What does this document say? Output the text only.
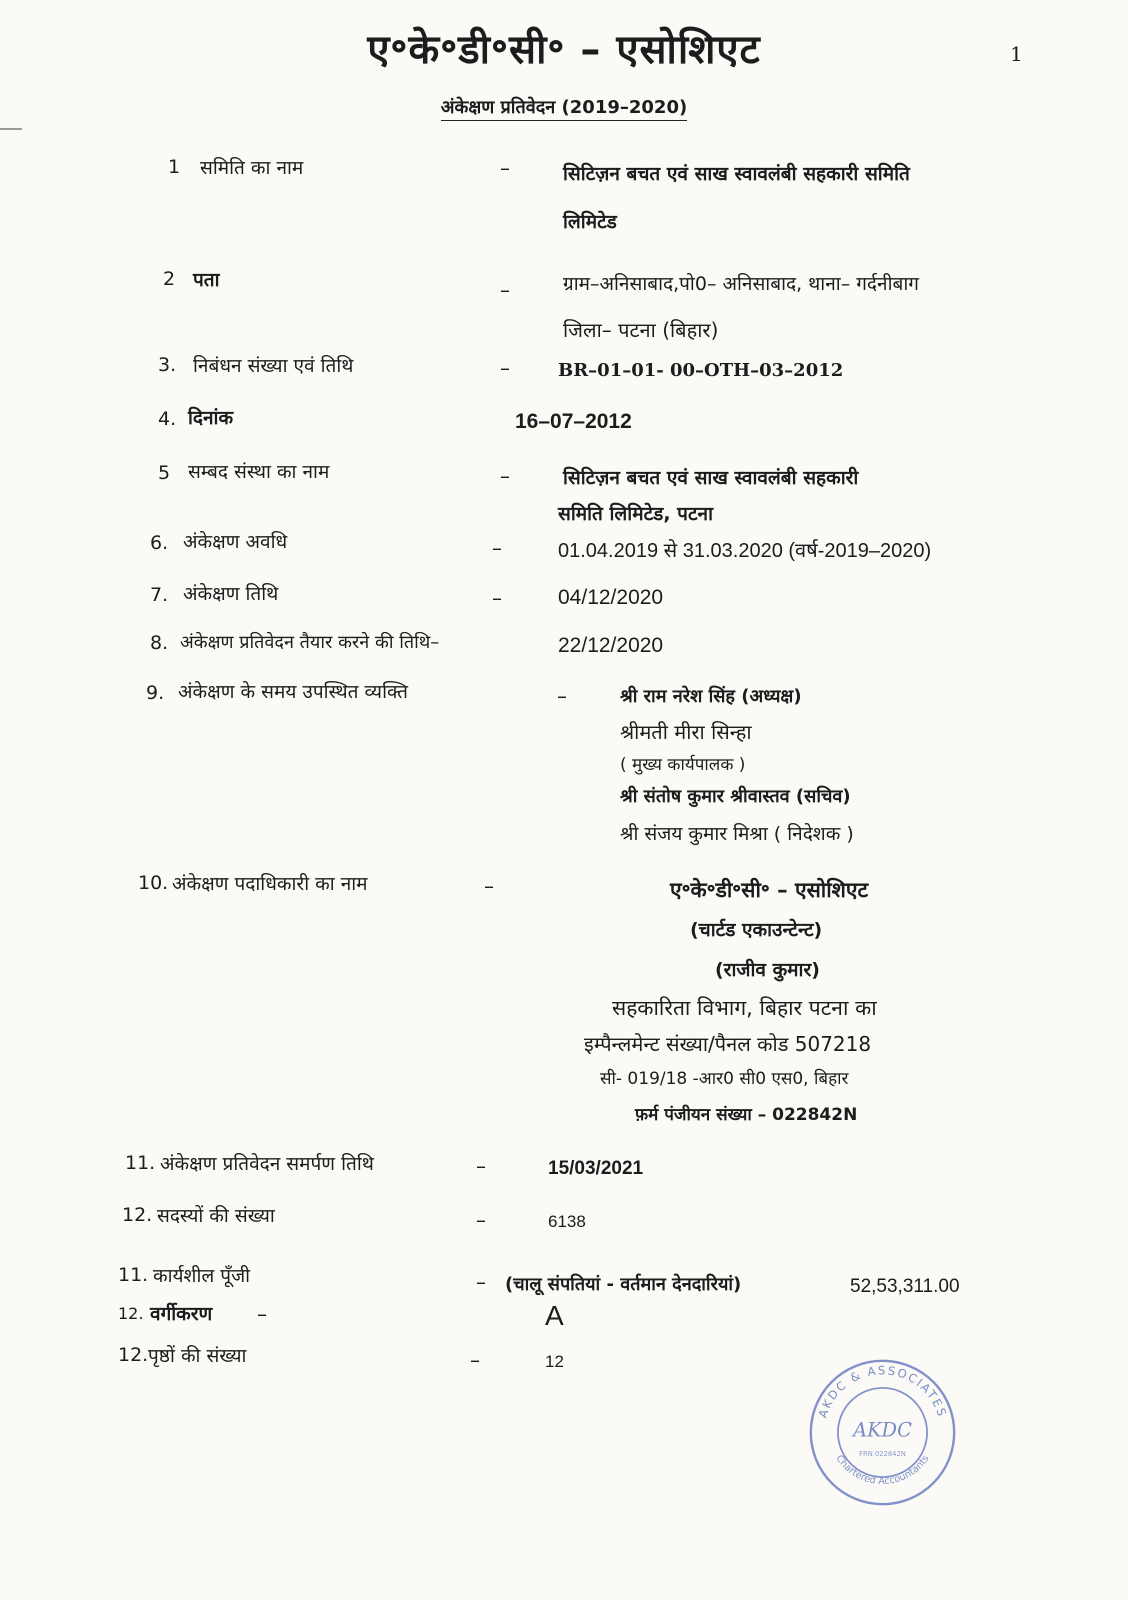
ए॰के॰डी॰सी॰ – एसोशिएट	1
अंकेक्षण प्रतिवेदन (2019–2020)
1 समिति का नाम	–	सिटिज़न बचत एवं साख स्वावलंबी सहकारी समिति
लिमिटेड
2 पता	–	ग्राम–अनिसाबाद,पो0– अनिसाबाद, थाना– गर्दनीबाग
जिला– पटना (बिहार)
3. निबंधन संख्या एवं तिथि	–	BR–01–01- 00–OTH–03–2012
4. दिनांक	16–07–2012
5 सम्बद संस्था का नाम	–	सिटिज़न बचत एवं साख स्वावलंबी सहकारी
समिति लिमिटेड, पटना
6. अंकेक्षण अवधि	–	01.04.2019 से 31.03.2020 (वर्ष-2019–2020)
7. अंकेक्षण तिथि	–	04/12/2020
8. अंकेक्षण प्रतिवेदन तैयार करने की तिथि–	22/12/2020
9. अंकेक्षण के समय उपस्थित व्यक्ति	–	श्री राम नरेश सिंह (अध्यक्ष)
श्रीमती मीरा सिन्हा
( मुख्य कार्यपालक )
श्री संतोष कुमार श्रीवास्तव (सचिव)
श्री संजय कुमार मिश्रा ( निदेशक )
10. अंकेक्षण पदाधिकारी का नाम	–	ए॰के॰डी॰सी॰ – एसोशिएट
(चार्टड एकाउन्टेन्ट)
(राजीव कुमार)
सहकारिता विभाग, बिहार पटना का
इम्पैन्लमेन्ट संख्या/पैनल कोड 507218
सी- 019/18 -आर0 सी0 एस0, बिहार
फ़र्म पंजीयन संख्या – 022842N
11. अंकेक्षण प्रतिवेदन समर्पण तिथि	–	15/03/2021
12. सदस्यों की संख्या	–	6138
11. कार्यशील पूँजी	– (चालू संपतियां - वर्तमान देनदारियां)	52,53,311.00
12. वर्गीकरण –	A
12. पृष्ठों की संख्या	–	12
AKDC & ASSOCIATES
Chartered Accountants
AKDC
FRN 022842N
